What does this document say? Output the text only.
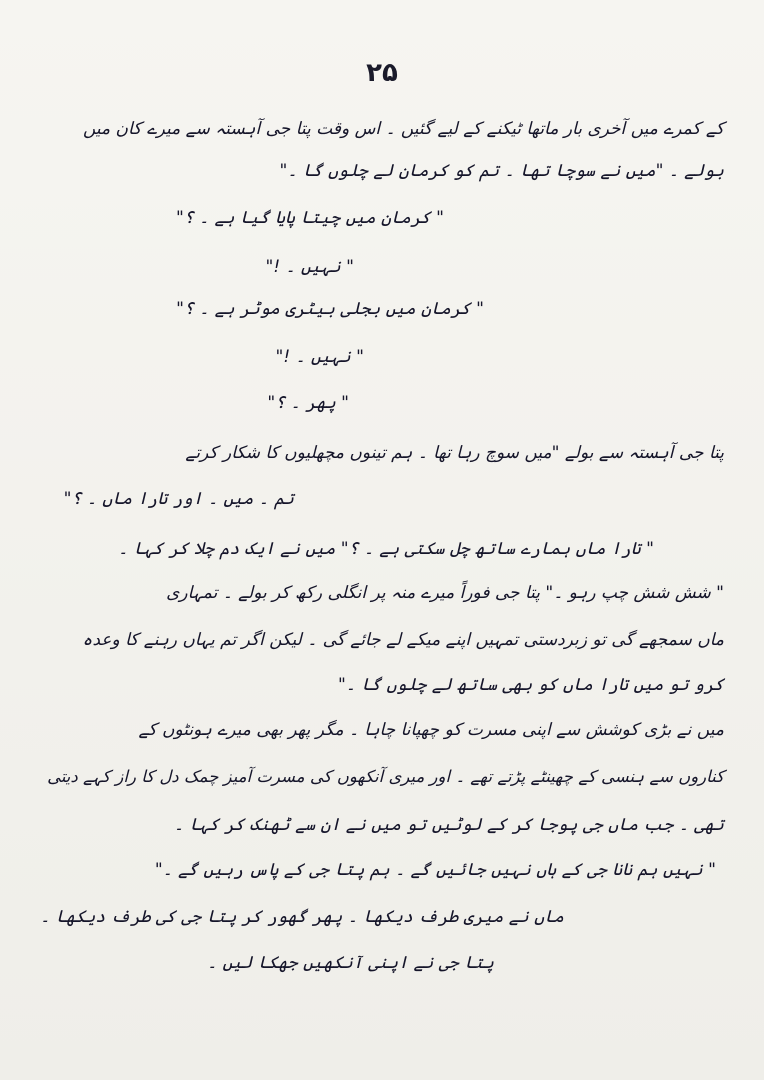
۲۵
کے کمرے میں آخری بار ماتھا ٹیکنے کے لیے گئیں ۔ اس وقت پتا جی آہستہ سے میرے کان میں
بولے ۔ "میں نے سوچا تھا ۔ تم کو کرمان لے چلوں گا ۔"
" کرمان میں چیتا پایا گیا ہے ۔ ؟"
" نہیں ۔ !"
" کرمان میں بجلی بیٹری موٹر ہے ۔ ؟"
" نہیں ۔ !"
" پھر ۔ ؟"
پتا جی آہستہ سے بولے "میں سوچ رہا تھا ۔ ہم تینوں مچھلیوں کا شکار کرتے
تم ۔ میں ۔ اور تارا ماں ۔ ؟"
" تارا ماں ہمارے ساتھ چل سکتی ہے ۔ ؟" میں نے ایک دم چلا کر کہا ۔
" شش شش چپ رہو ۔" پتا جی فوراً میرے منہ پر انگلی رکھ کر بولے ۔ تمہاری
ماں سمجھے گی تو زبردستی تمہیں اپنے میکے لے جائے گی ۔ لیکن اگر تم یہاں رہنے کا وعدہ
کرو تو میں تارا ماں کو بھی ساتھ لے چلوں گا ۔"
میں نے بڑی کوشش سے اپنی مسرت کو چھپانا چاہا ۔ مگر پھر بھی میرے ہونٹوں کے
کناروں سے ہنسی کے چھینٹے پڑتے تھے ۔ اور میری آنکھوں کی مسرت آمیز چمک دل کا راز کہے دیتی
تھی ۔ جب ماں جی پوجا کر کے لوٹیں تو میں نے ان سے ٹھنک کر کہا ۔
" نہیں ہم نانا جی کے ہاں نہیں جائیں گے ۔ ہم پتا جی کے پاس رہیں گے ۔"
ماں نے میری طرف دیکھا ۔ پھر گھور کر پتا جی کی طرف دیکھا ۔
پتا جی نے اپنی آنکھیں جھکا لیں ۔
